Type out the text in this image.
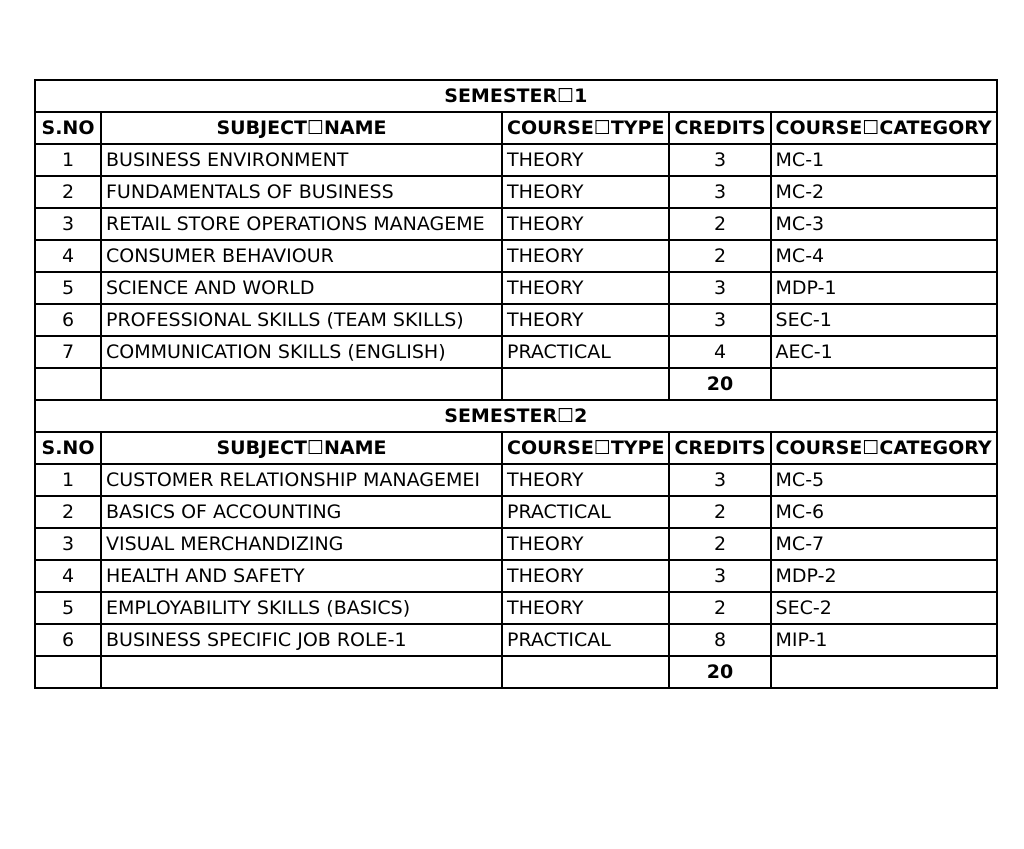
SEMESTER☐1				
S.NO	SUBJECT☐NAME	COURSE☐TYPE	CREDITS	COURSE☐CATEGORY
1	BUSINESS ENVIRONMENT	THEORY	3	MC-1
2	FUNDAMENTALS OF BUSINESS	THEORY	3	MC-2
3	RETAIL STORE OPERATIONS MANAGEME	THEORY	2	MC-3
4	CONSUMER BEHAVIOUR	THEORY	2	MC-4
5	SCIENCE AND WORLD	THEORY	3	MDP-1
6	PROFESSIONAL SKILLS (TEAM SKILLS)	THEORY	3	SEC-1
7	COMMUNICATION SKILLS (ENGLISH)	PRACTICAL	4	AEC-1
			20	
SEMESTER☐2				
S.NO	SUBJECT☐NAME	COURSE☐TYPE	CREDITS	COURSE☐CATEGORY
1	CUSTOMER RELATIONSHIP MANAGEMEI	THEORY	3	MC-5
2	BASICS OF ACCOUNTING	PRACTICAL	2	MC-6
3	VISUAL MERCHANDIZING	THEORY	2	MC-7
4	HEALTH AND SAFETY	THEORY	3	MDP-2
5	EMPLOYABILITY SKILLS (BASICS)	THEORY	2	SEC-2
6	BUSINESS SPECIFIC JOB ROLE-1	PRACTICAL	8	MIP-1
			20	
